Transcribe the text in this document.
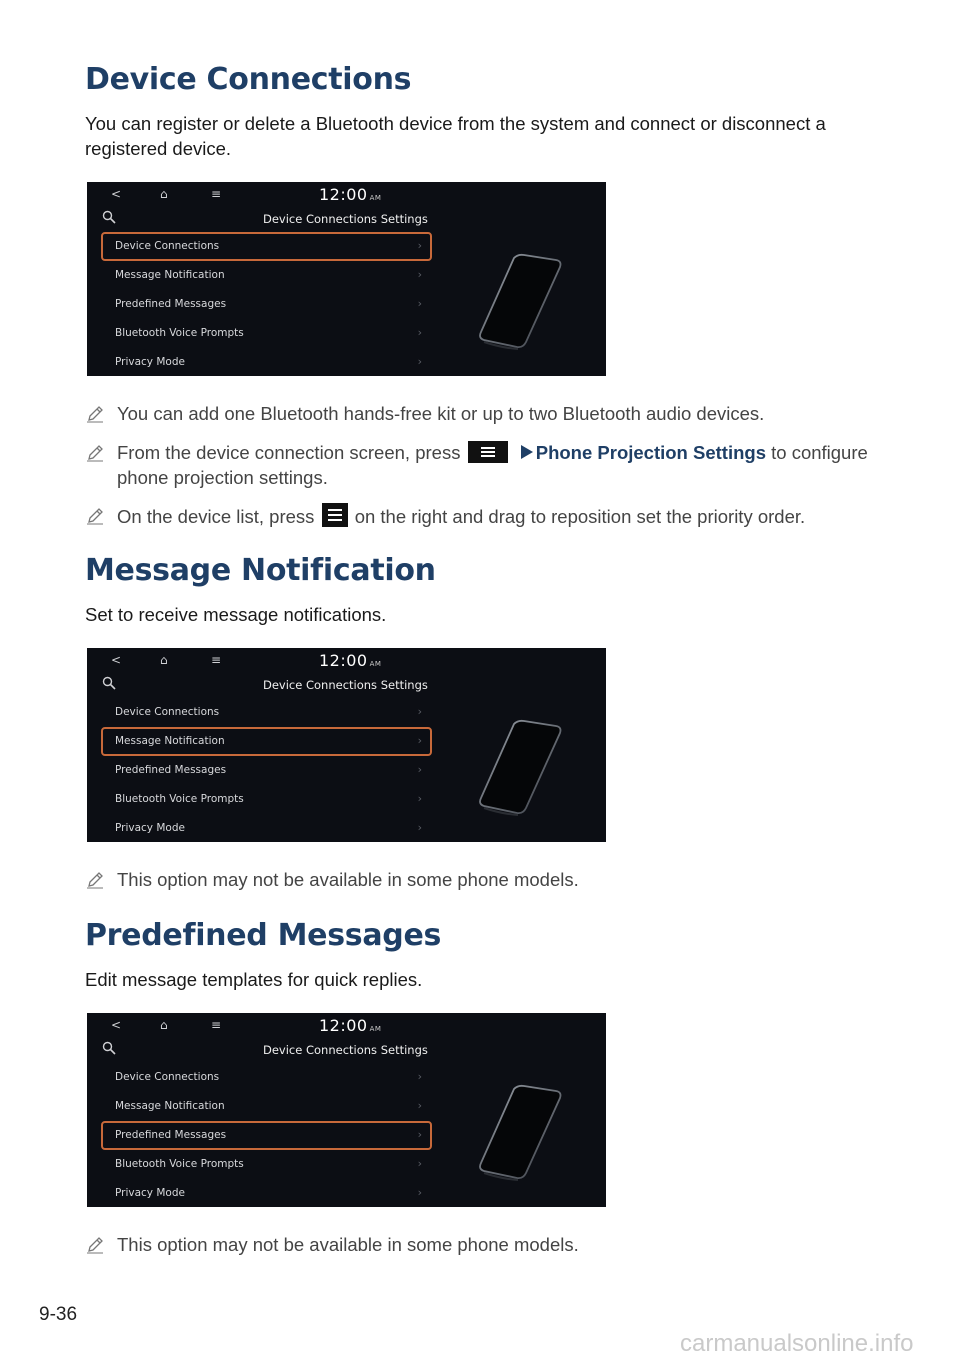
Device Connections

You can register or delete a Bluetooth device from the system and connect or disconnect a registered device.

<	⌂	≡	12:00 AM
Device Connections Settings
Device Connections	›
Message Notification	›
Predefined Messages	›
Bluetooth Voice Prompts	›
Privacy Mode	›
You can add one Bluetooth hands-free kit or up to two Bluetooth audio devices.
From the device connection screen, press	Phone Projection Settings to configure phone projection settings.
On the device list, press on the right and drag to reposition set the priority order.
Message Notification

Set to receive message notifications.

<	⌂	≡	12:00 AM
Device Connections Settings
Device Connections	›
Message Notification	›
Predefined Messages	›
Bluetooth Voice Prompts	›
Privacy Mode	›
This option may not be available in some phone models.
Predefined Messages

Edit message templates for quick replies.

<	⌂	≡	12:00 AM
Device Connections Settings
Device Connections	›
Message Notification	›
Predefined Messages	›
Bluetooth Voice Prompts	›
Privacy Mode	›
This option may not be available in some phone models.
9-36
carmanualsonline.info
